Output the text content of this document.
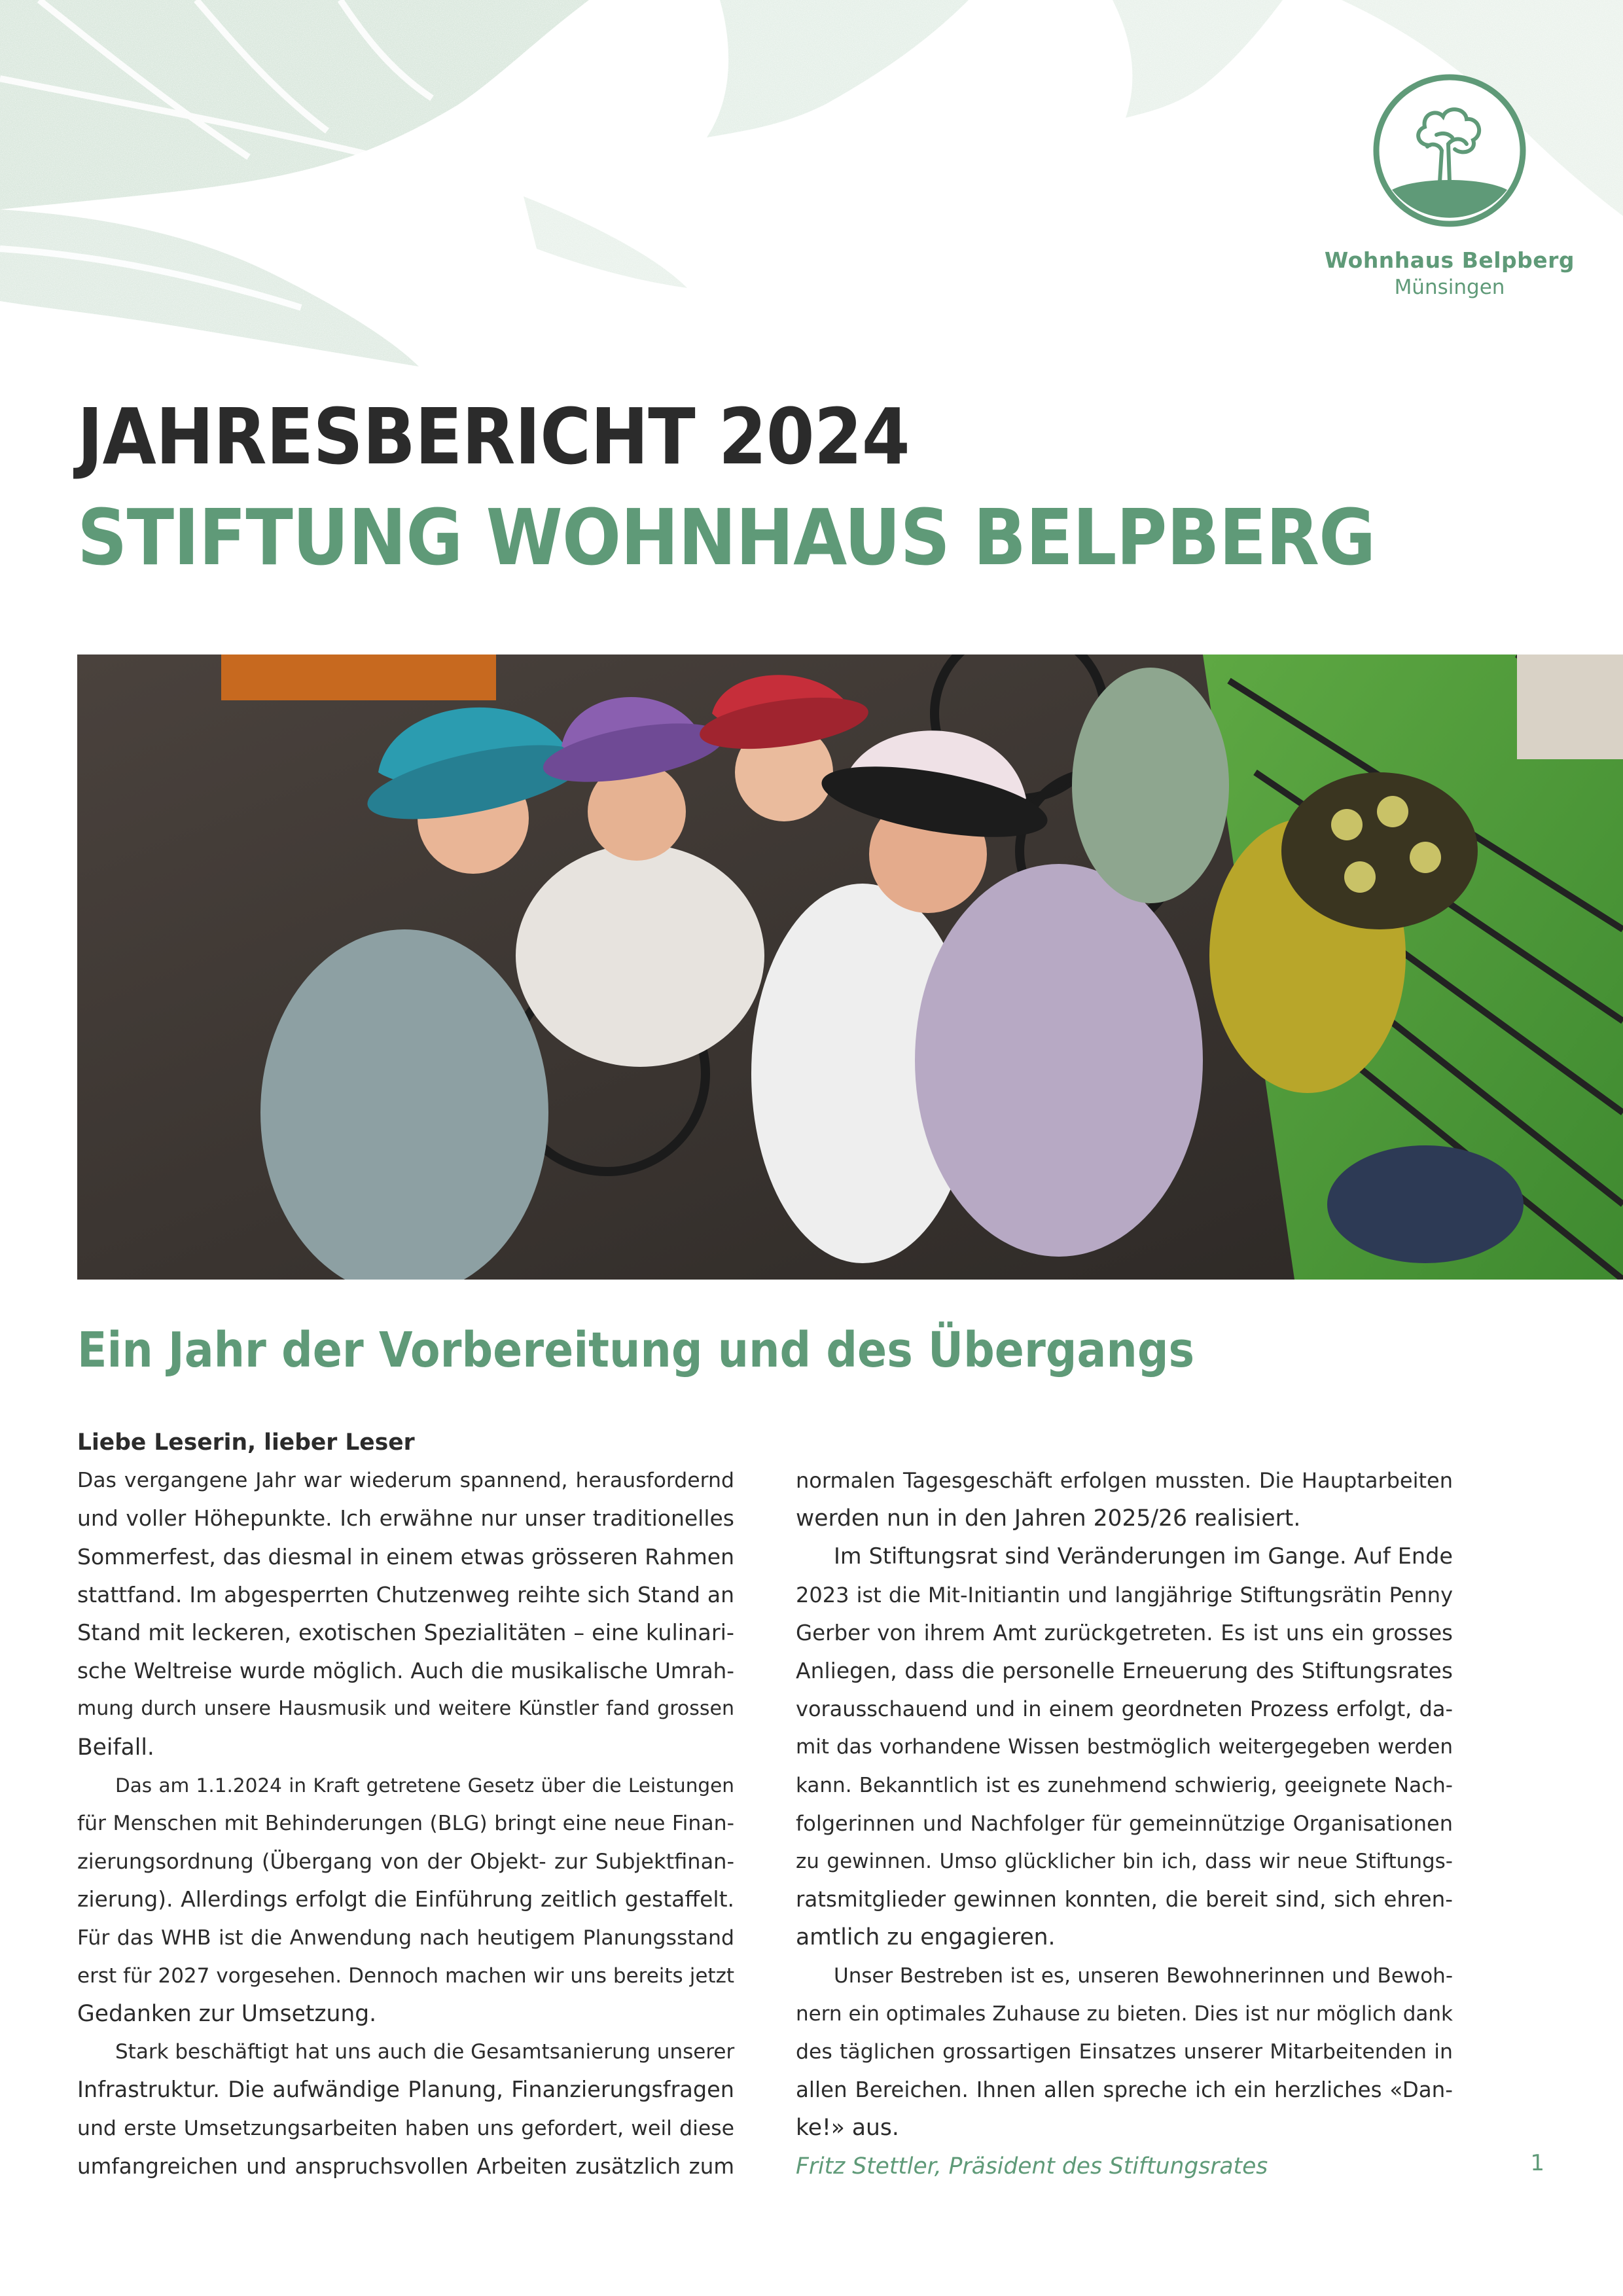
Wohnhaus Belpberg
Münsingen
JAHRESBERICHT 2024
STIFTUNG WOHNHAUS BELPBERG
Ein Jahr der Vorbereitung und des Übergangs
Liebe Leserin, lieber Leser
Das vergangene Jahr war wiederum spannend, herausfordernd
und voller Höhepunkte. Ich erwähne nur unser traditionelles
Sommerfest, das diesmal in einem etwas grösseren Rahmen
stattfand. Im abgesperrten Chutzenweg reihte sich Stand an
Stand mit leckeren, exotischen Spezialitäten – eine kulinari-
sche Weltreise wurde möglich. Auch die musikalische Umrah-
mung durch unsere Hausmusik und weitere Künstler fand grossen
Beifall.
Das am 1.1.2024 in Kraft getretene Gesetz über die Leistungen
für Menschen mit Behinderungen (BLG) bringt eine neue Finan-
zierungsordnung (Übergang von der Objekt- zur Subjektfinan-
zierung). Allerdings erfolgt die Einführung zeitlich gestaffelt.
Für das WHB ist die Anwendung nach heutigem Planungsstand
erst für 2027 vorgesehen. Dennoch machen wir uns bereits jetzt
Gedanken zur Umsetzung.
Stark beschäftigt hat uns auch die Gesamtsanierung unserer
Infrastruktur. Die aufwändige Planung, Finanzierungsfragen
und erste Umsetzungsarbeiten haben uns gefordert, weil diese
umfangreichen und anspruchsvollen Arbeiten zusätzlich zum
normalen Tagesgeschäft erfolgen mussten. Die Hauptarbeiten
werden nun in den Jahren 2025/26 realisiert.
Im Stiftungsrat sind Veränderungen im Gange. Auf Ende
2023 ist die Mit-Initiantin und langjährige Stiftungsrätin Penny
Gerber von ihrem Amt zurückgetreten. Es ist uns ein grosses
Anliegen, dass die personelle Erneuerung des Stiftungsrates
vorausschauend und in einem geordneten Prozess erfolgt, da-
mit das vorhandene Wissen bestmöglich weitergegeben werden
kann. Bekanntlich ist es zunehmend schwierig, geeignete Nach-
folgerinnen und Nachfolger für gemeinnützige Organisationen
zu gewinnen. Umso glücklicher bin ich, dass wir neue Stiftungs-
ratsmitglieder gewinnen konnten, die bereit sind, sich ehren-
amtlich zu engagieren.
Unser Bestreben ist es, unseren Bewohnerinnen und Bewoh-
nern ein optimales Zuhause zu bieten. Dies ist nur möglich dank
des täglichen grossartigen Einsatzes unserer Mitarbeitenden in
allen Bereichen. Ihnen allen spreche ich ein herzliches «Dan-
ke!» aus.
Fritz Stettler, Präsident des Stiftungsrates	1
